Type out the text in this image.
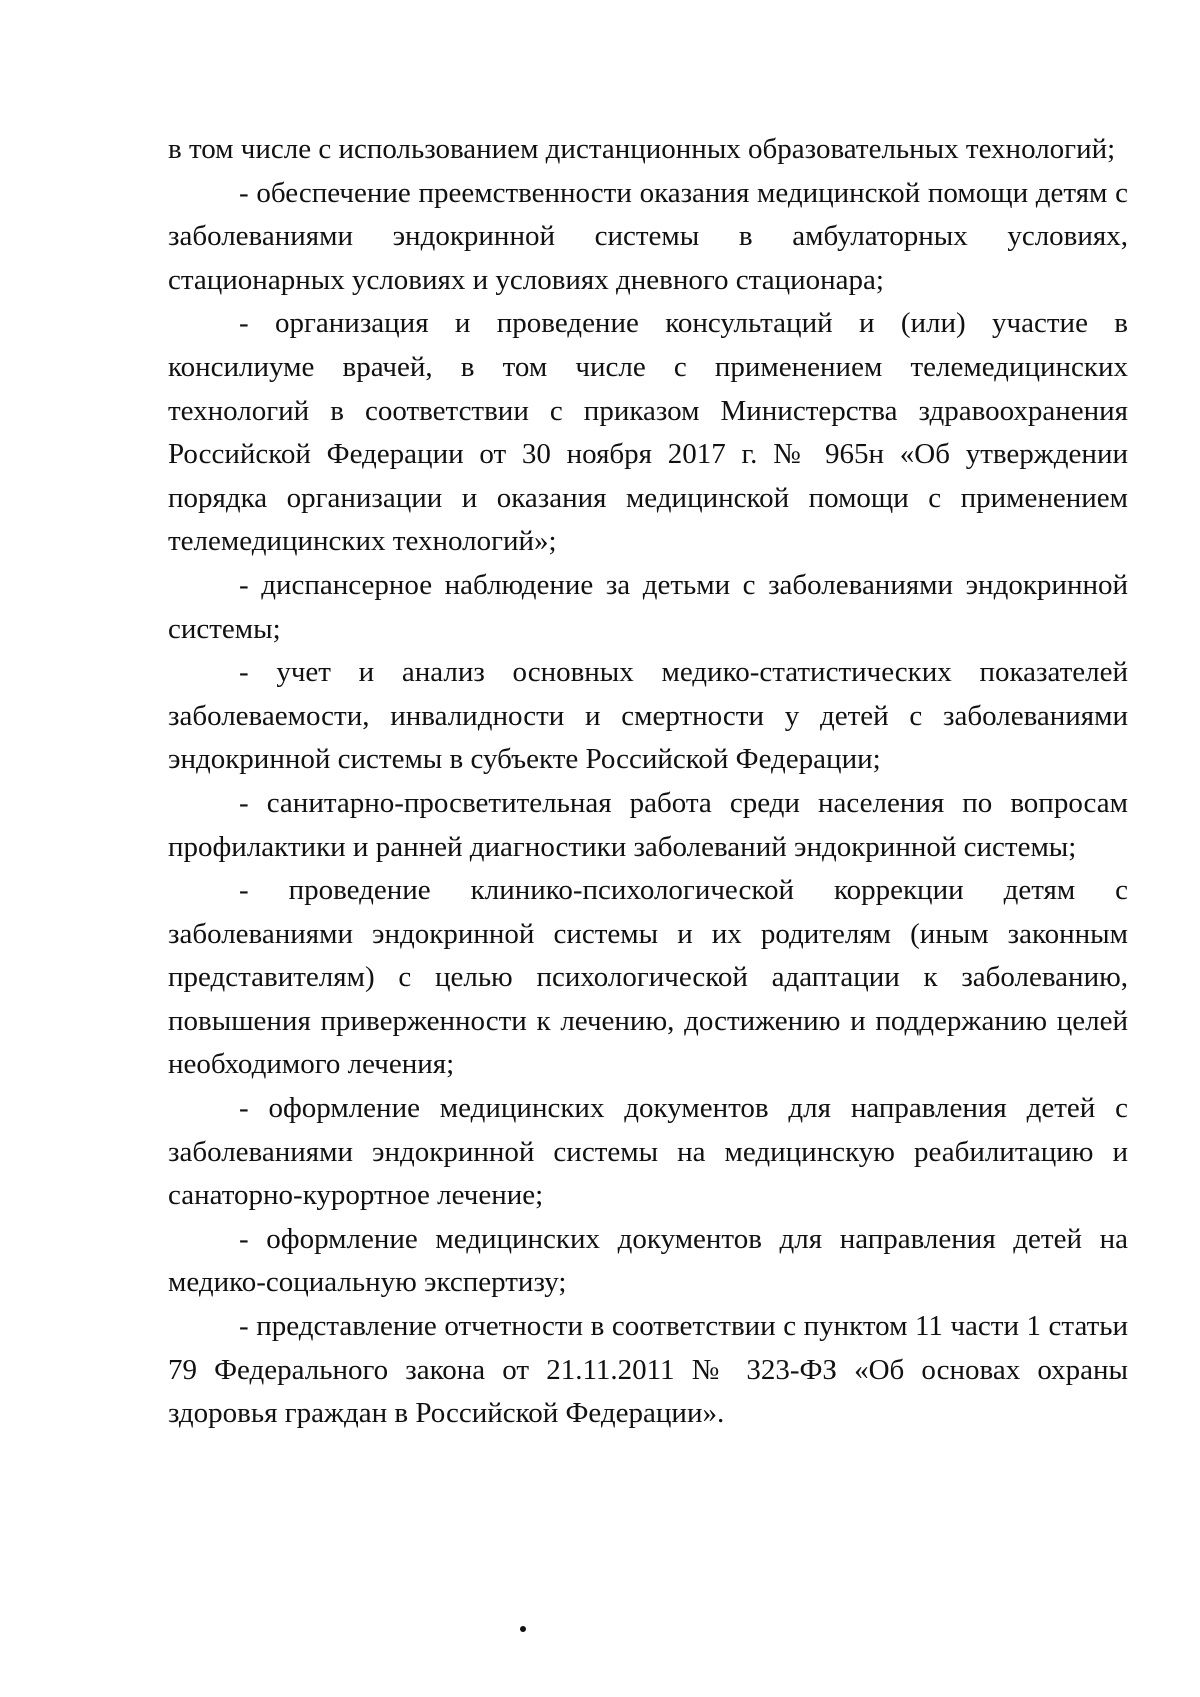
в том числе с использованием дистанционных образовательных технологий;

- обеспечение преемственности оказания медицинской помощи детям с заболеваниями эндокринной системы в амбулаторных условиях, стационарных условиях и условиях дневного стационара;

- организация и проведение консультаций и (или) участие в консилиуме врачей, в том числе с применением телемедицинских технологий в соответствии с приказом Министерства здравоохранения Российской Федерации от 30 ноября 2017 г. № 965н «Об утверждении порядка организации и оказания медицинской помощи с применением телемедицинских технологий»;

- диспансерное наблюдение за детьми с заболеваниями эндокринной системы;

- учет и анализ основных медико-статистических показателей заболеваемости, инвалидности и смертности у детей с заболеваниями эндокринной системы в субъекте Российской Федерации;

- санитарно-просветительная работа среди населения по вопросам профилактики и ранней диагностики заболеваний эндокринной системы;

- проведение клинико-психологической коррекции детям с заболеваниями эндокринной системы и их родителям (иным законным представителям) с целью психологической адаптации к заболеванию, повышения приверженности к лечению, достижению и поддержанию целей необходимого лечения;

- оформление медицинских документов для направления детей с заболеваниями эндокринной системы на медицинскую реабилитацию и санаторно-курортное лечение;

- оформление медицинских документов для направления детей на медико-социальную экспертизу;

- представление отчетности в соответствии с пунктом 11 части 1 статьи 79 Федерального закона от 21.11.2011 № 323-ФЗ «Об основах охраны здоровья граждан в Российской Федерации».
